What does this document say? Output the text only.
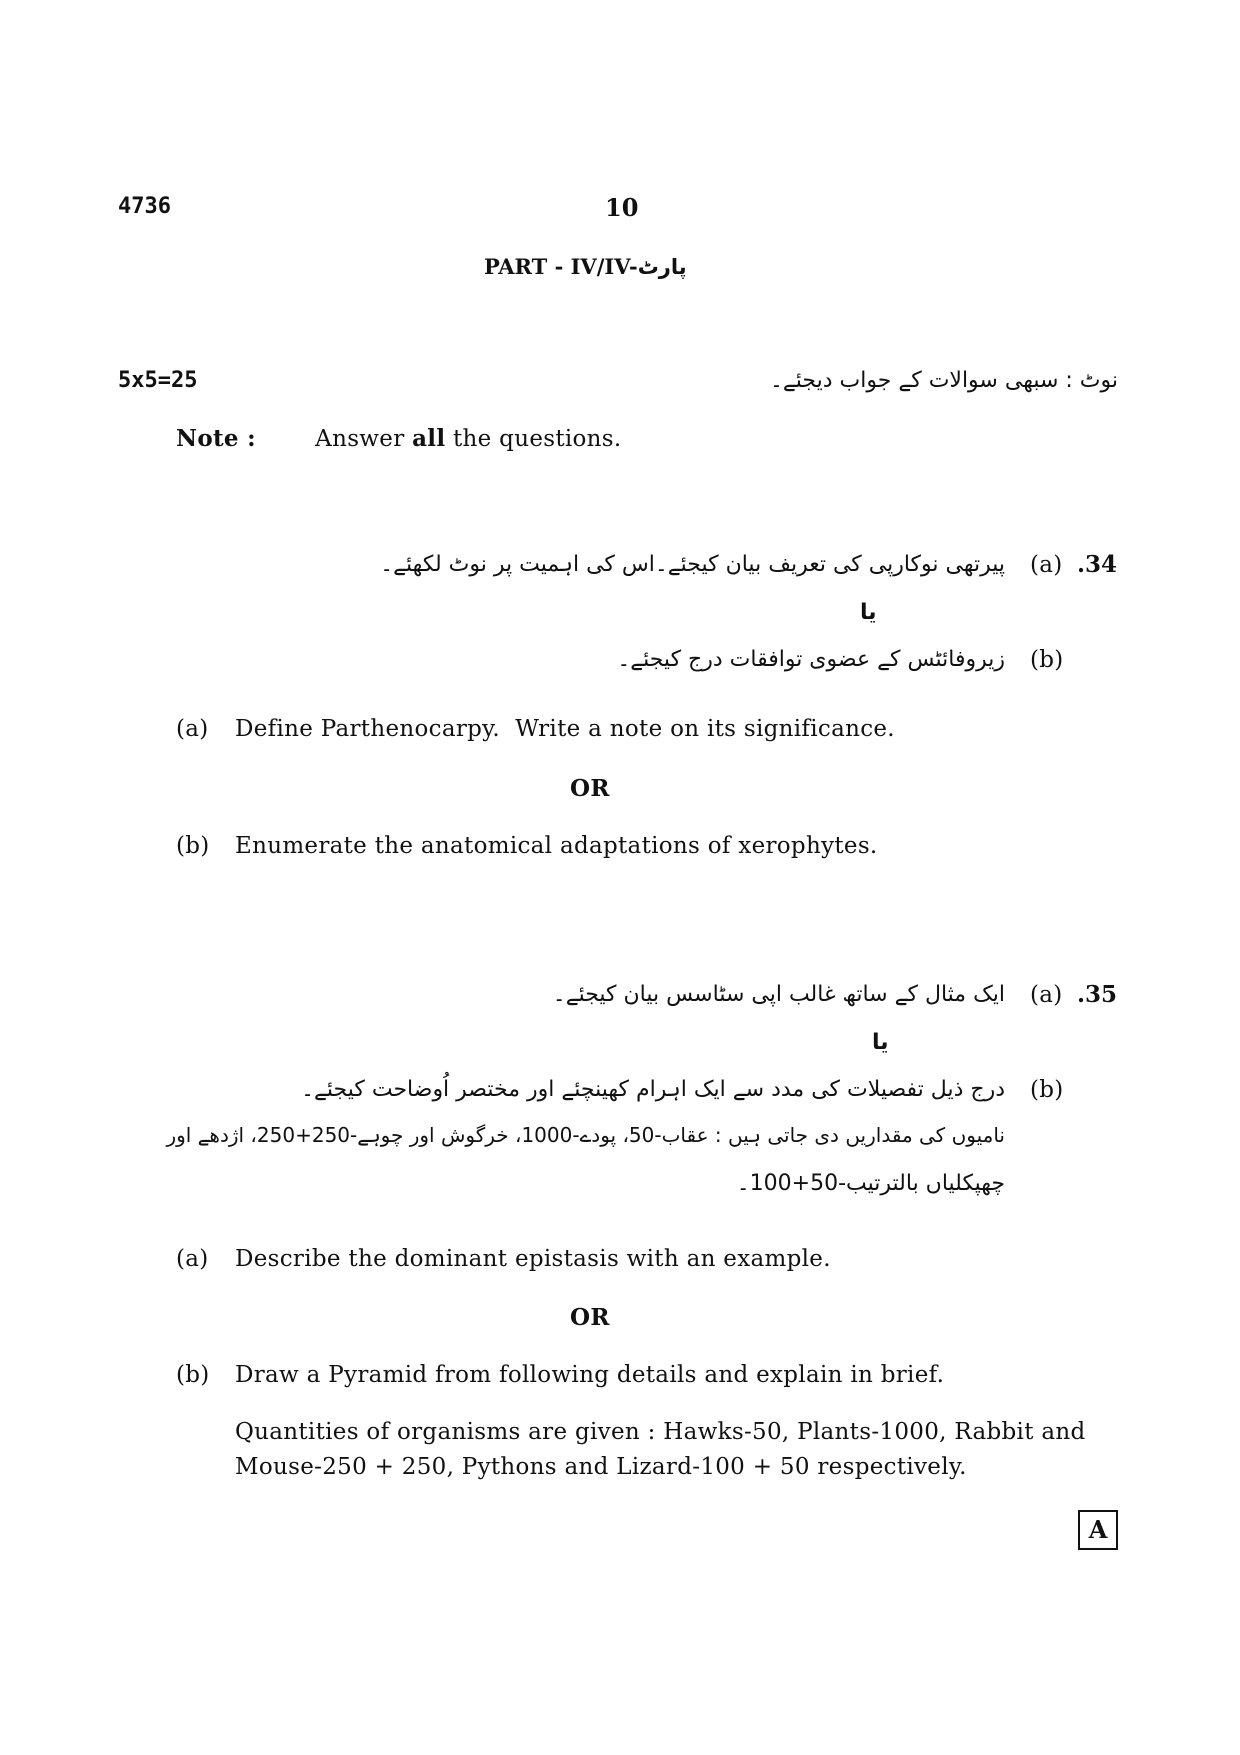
4736	10
PART - IV/IV-پارٹ
5x5=25	نوٹ : سبھی سوالات کے جواب دیجئے۔
Note :	Answer all the questions.
.34
(a)
پیرتھی نوکارپی کی تعریف بیان کیجئے۔اس کی اہمیت پر نوٹ لکھئے۔
یا
(b)
زیروفائٹس کے عضوی توافقات درج کیجئے۔
(a) Define Parthenocarpy.  Write a note on its significance.
OR
(b) Enumerate the anatomical adaptations of xerophytes.
.35
(a)
ایک مثال کے ساتھ غالب اپی سٹاسس بیان کیجئے۔
یا
(b)
درج ذیل تفصیلات کی مدد سے ایک اہرام کھینچئے اور مختصر اُوضاحت کیجئے۔
نامیوں کی مقداریں دی جاتی ہیں : عقاب-50، پودے-1000، خرگوش اور چوہے-250+250، اژدھے اور
چھپکلیاں بالترتیب-50+100۔
(a) Describe the dominant epistasis with an example.
OR
(b) Draw a Pyramid from following details and explain in brief.
Quantities of organisms are given : Hawks-50, Plants-1000, Rabbit and
Mouse-250 + 250, Pythons and Lizard-100 + 50 respectively.
A
